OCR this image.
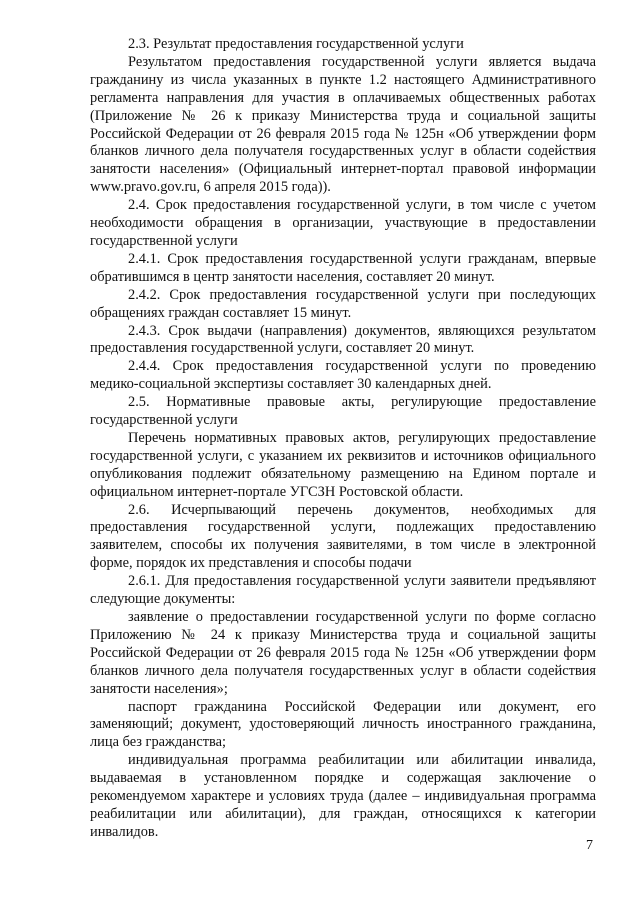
2.3. Результат предоставления государственной услуги

Результатом предоставления государственной услуги является выдача гражданину из числа указанных в пункте 1.2 настоящего Административного регламента направления для участия в оплачиваемых общественных работах (Приложение № 26 к приказу Министерства труда и социальной защиты Российской Федерации от 26 февраля 2015 года № 125н «Об утверждении форм бланков личного дела получателя государственных услуг в области содействия занятости населения» (Официальный интернет-портал правовой информации www.pravo.gov.ru, 6 апреля 2015 года)).

2.4. Срок предоставления государственной услуги, в том числе с учетом необходимости обращения в организации, участвующие в предоставлении государственной услуги

2.4.1. Срок предоставления государственной услуги гражданам, впервые обратившимся в центр занятости населения, составляет 20 минут.

2.4.2. Срок предоставления государственной услуги при последующих обращениях граждан составляет 15 минут.

2.4.3. Срок выдачи (направления) документов, являющихся результатом предоставления государственной услуги, составляет 20 минут.

2.4.4. Срок предоставления государственной услуги по проведению медико-социальной экспертизы составляет 30 календарных дней.

2.5. Нормативные правовые акты, регулирующие предоставление государственной услуги

Перечень нормативных правовых актов, регулирующих предоставление государственной услуги, с указанием их реквизитов и источников официального опубликования подлежит обязательному размещению на Едином портале и официальном интернет-портале УГСЗН Ростовской области.

2.6. Исчерпывающий перечень документов, необходимых для предоставления государственной услуги, подлежащих предоставлению заявителем, способы их получения заявителями, в том числе в электронной форме, порядок их представления и способы подачи

2.6.1. Для предоставления государственной услуги заявители предъявляют следующие документы:

заявление о предоставлении государственной услуги по форме согласно Приложению № 24 к приказу Министерства труда и социальной защиты Российской Федерации от 26 февраля 2015 года № 125н «Об утверждении форм бланков личного дела получателя государственных услуг в области содействия занятости населения»;

паспорт гражданина Российской Федерации или документ, его заменяющий; документ, удостоверяющий личность иностранного гражданина, лица без гражданства;

индивидуальная программа реабилитации или абилитации инвалида, выдаваемая в установленном порядке и содержащая заключение о рекомендуемом характере и условиях труда (далее – индивидуальная программа реабилитации или абилитации), для граждан, относящихся к категории инвалидов.

7
